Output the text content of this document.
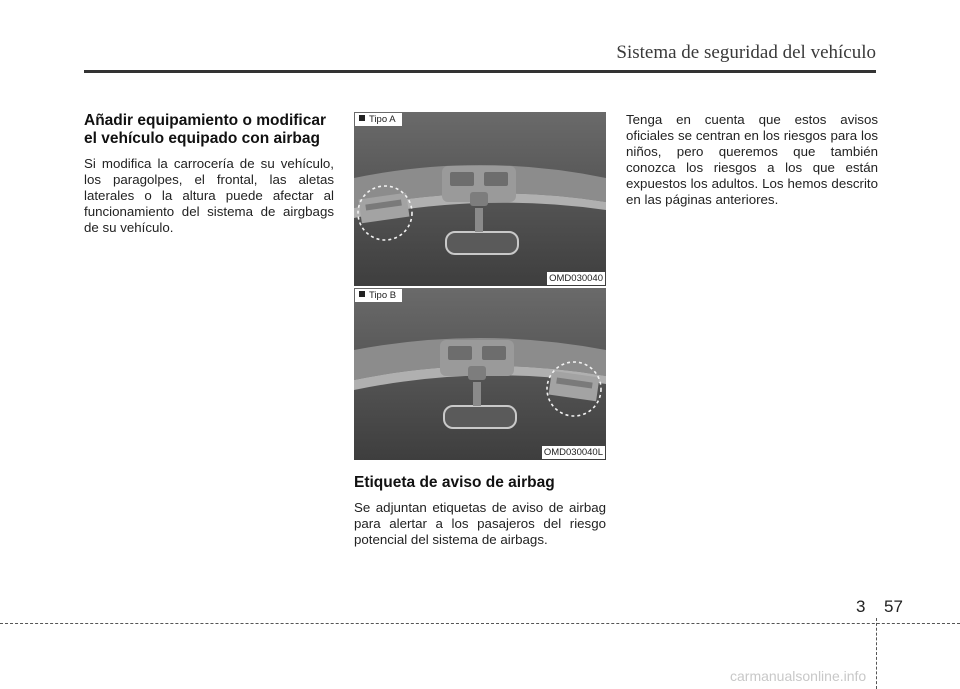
Sistema de seguridad del vehículo
Añadir equipamiento o modificar el vehículo equipado con airbag

Si modifica la carrocería de su vehículo, los paragolpes, el frontal, las aletas laterales o la altura puede afectar al funcionamiento del sistema de airgbags de su vehículo.

Tipo A
OMD030040
Tipo B
OMD030040L
Etiqueta de aviso de airbag

Se adjuntan etiquetas de aviso de airbag para alertar a los pasajeros del riesgo potencial del sistema de airbags.

Tenga en cuenta que estos avisos oficiales se centran en los riesgos para los niños, pero queremos que también conozca los riesgos a los que están expuestos los adultos. Los hemos descrito en las páginas anteriores.

3 57
carmanualsonline.info
